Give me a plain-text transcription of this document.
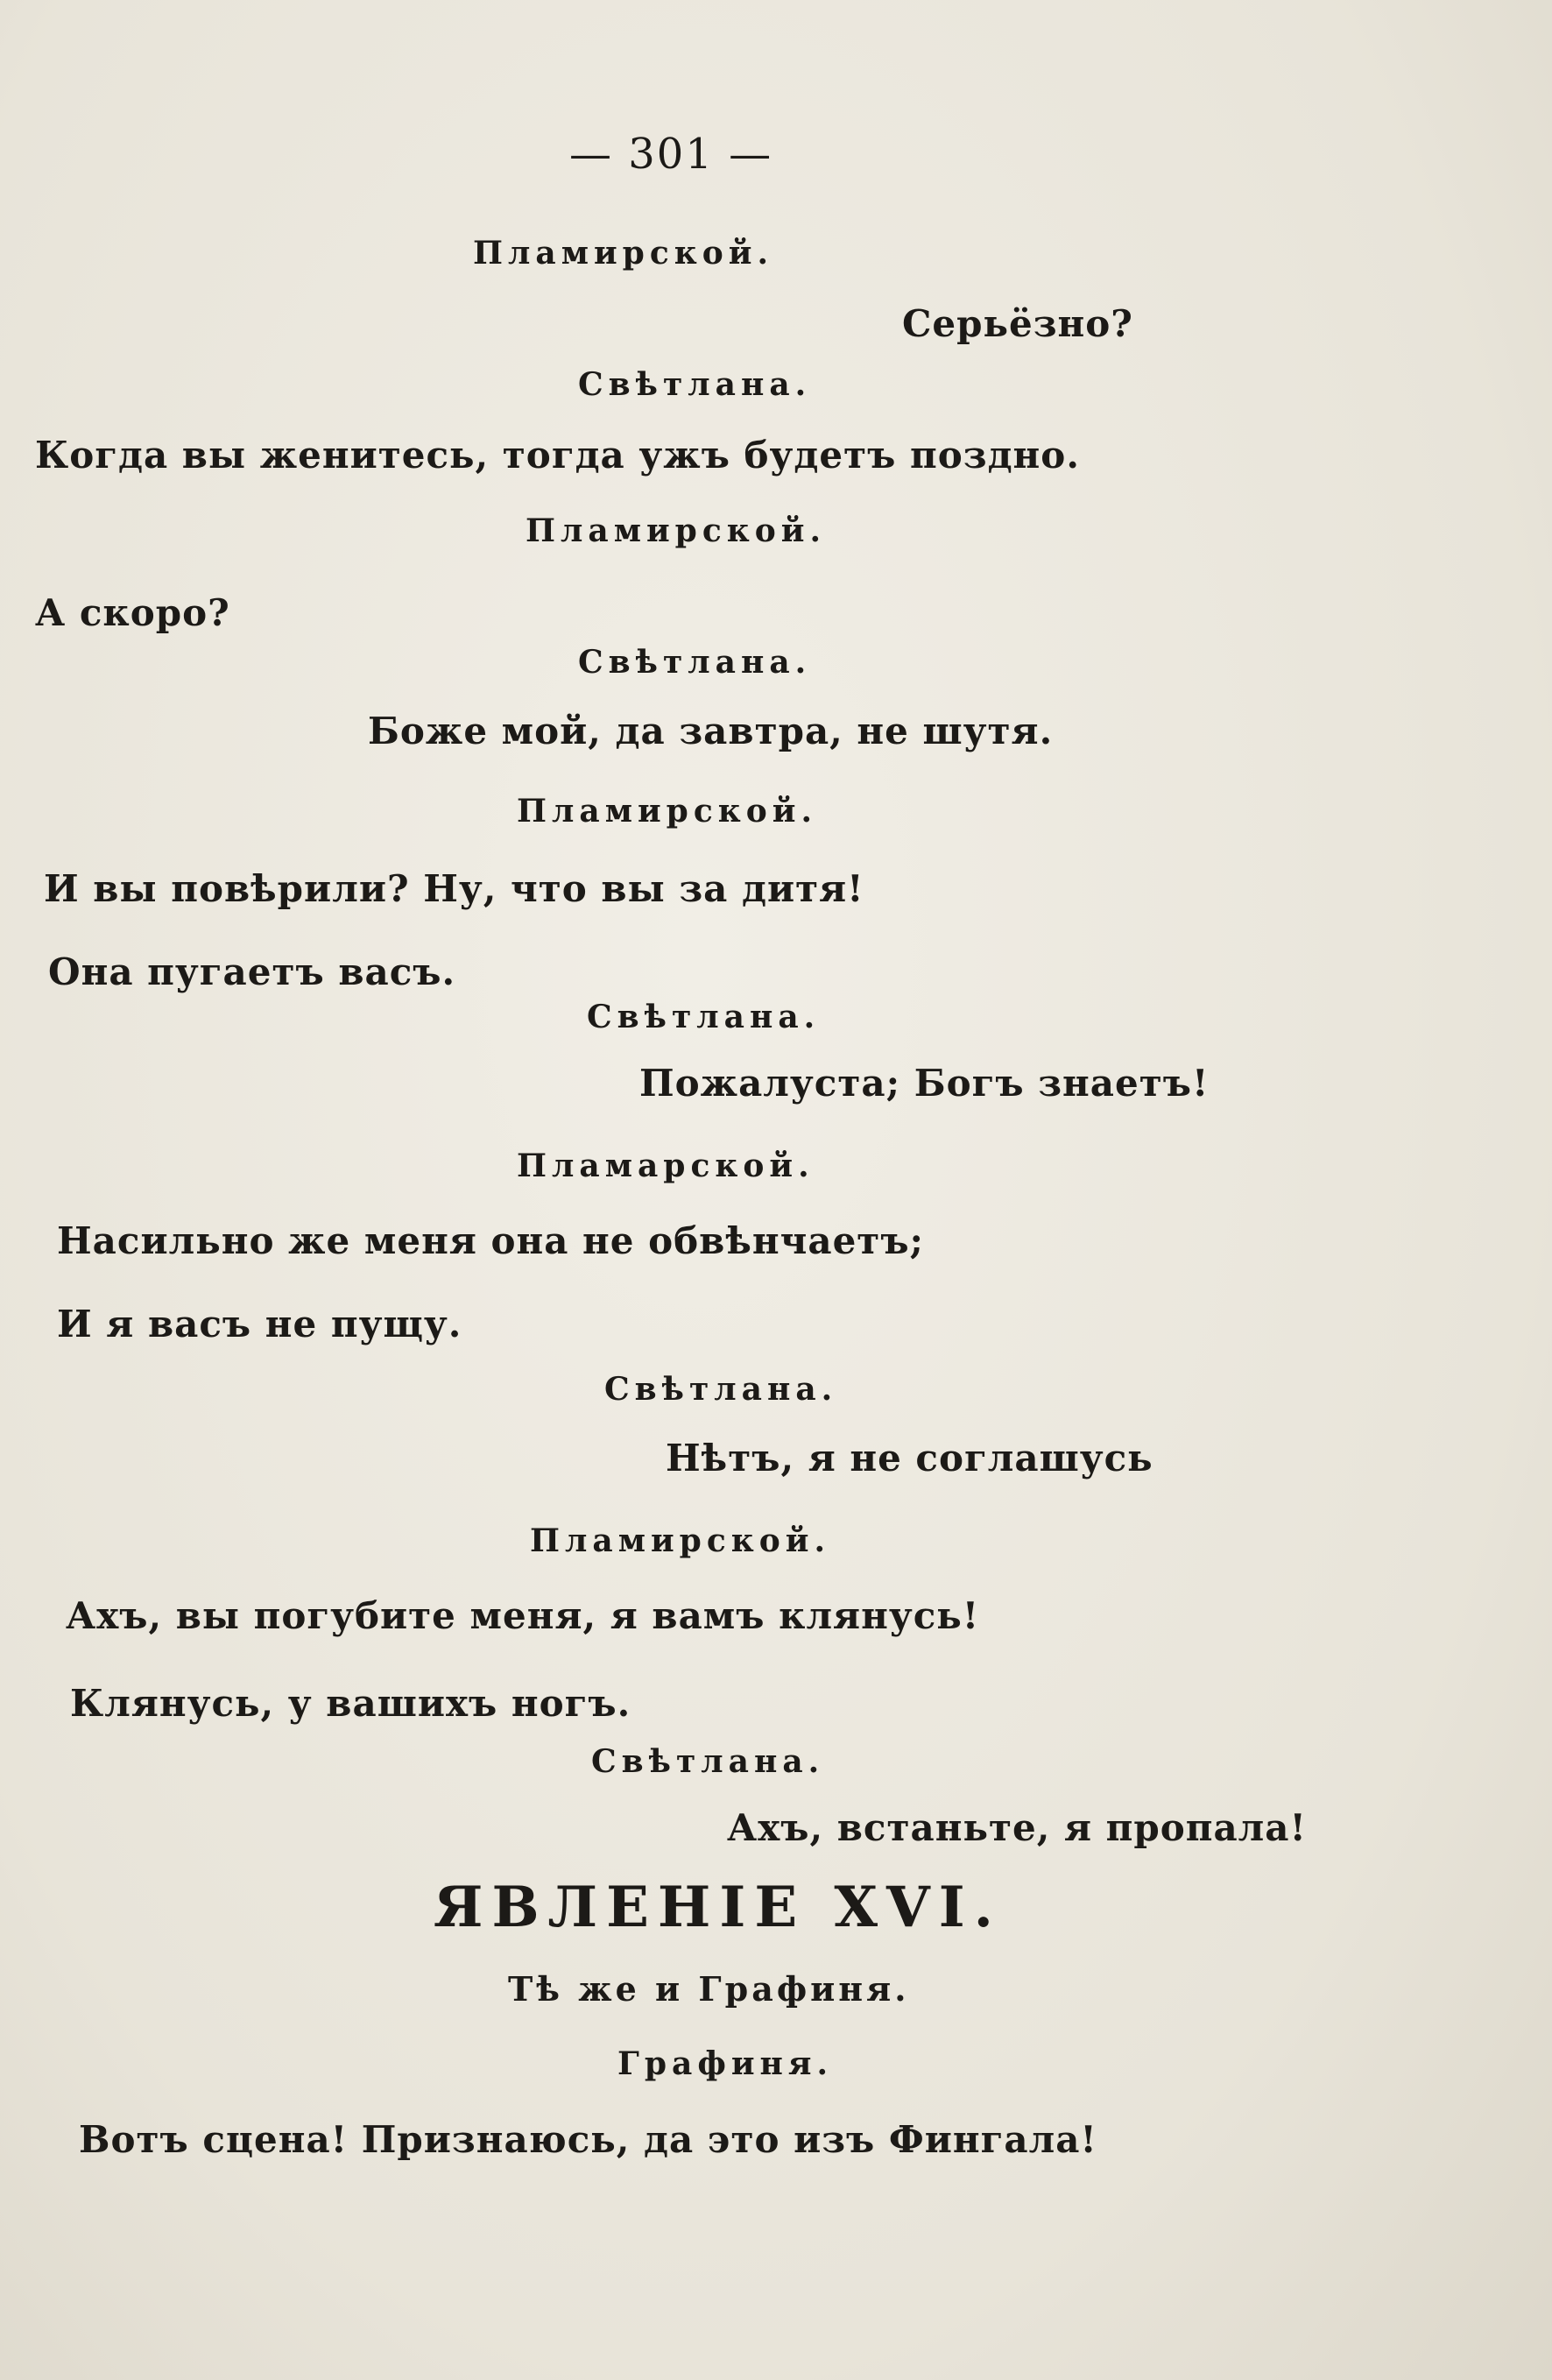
— 301 —
Пламирской.
Серьёзно?
Свѣтлана.
Когда вы женитесь, тогда ужъ будетъ поздно.
Пламирской.
А скоро?
Свѣтлана.
Боже мой, да завтра, не шутя.
Пламирской.
И вы повѣрили? Ну, что вы за дитя!
Она пугаетъ васъ.
Свѣтлана.
Пожалуста; Богъ знаетъ!
Пламарской.
Насильно же меня она не обвѣнчаетъ;
И я васъ не пущу.
Свѣтлана.
Нѣтъ, я не соглашусь
Пламирской.
Ахъ, вы погубите меня, я вамъ клянусь!
Клянусь, у вашихъ ногъ.
Свѣтлана.
Ахъ, встаньте, я пропала!
ЯВЛЕНІЕ XVI.
Тѣ же и Графиня.
Графиня.
Вотъ сцена! Признаюсь, да это изъ Фингала!
